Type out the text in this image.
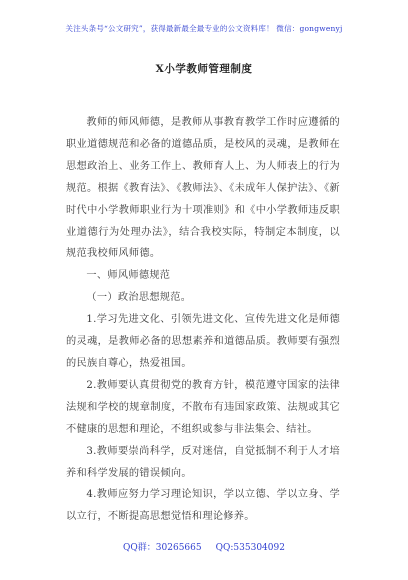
关注头条号“公文研究”，获得最新最全最专业的公文资料库！ 微信：gongwenyj
X小学教师管理制度

教师的师风师德，是教师从事教育教学工作时应遵循的职业道德规范和必备的道德品质，是校风的灵魂，是教师在思想政治上、业务工作上、教师育人上、为人师表上的行为规范。根据《教育法》、《教师法》、《未成年人保护法》、《新时代中小学教师职业行为十项准则》和《中小学教师违反职业道德行为处理办法》，结合我校实际，特制定本制度，以规范我校师风师德。

一、师风师德规范

（一）政治思想规范。

1.学习先进文化、引领先进文化、宣传先进文化是师德的灵魂，是教师必备的思想素养和道德品质。教师要有强烈的民族自尊心，热爱祖国。

2.教师要认真贯彻党的教育方针，模范遵守国家的法律法规和学校的规章制度，不散布有违国家政策、法规或其它不健康的思想和理论，不组织或参与非法集会、结社。

3.教师要崇尚科学，反对迷信，自觉抵制不利于人才培养和科学发展的错误倾向。

4.教师应努力学习理论知识，学以立德、学以立身、学以立行，不断提高思想觉悟和理论修养。

QQ群：30265665 QQ:535304092
